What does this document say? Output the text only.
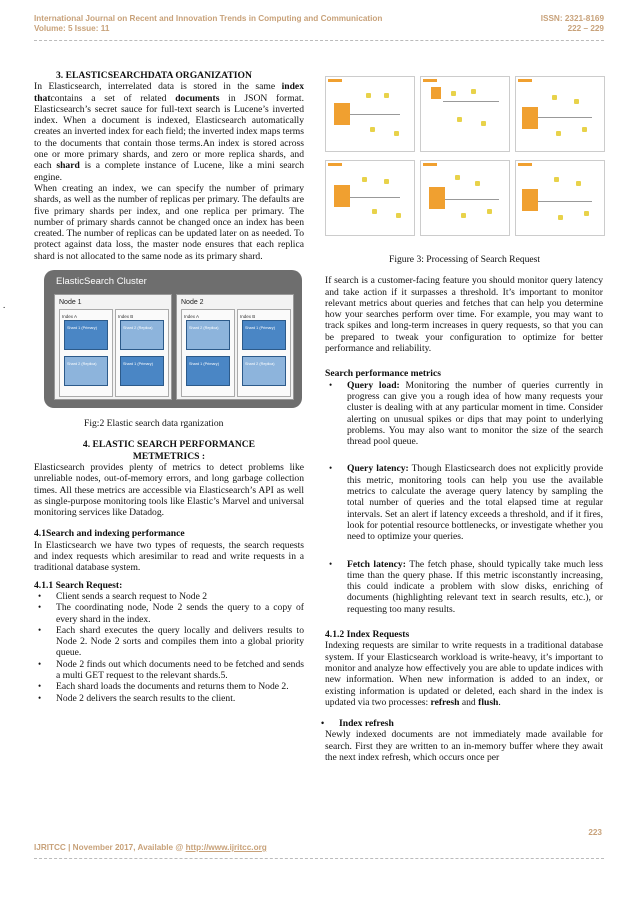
International Journal on Recent and Innovation Trends in Computing and Communication
Volume: 5 Issue: 11
ISSN: 2321-8169
222 – 229
.

3. ELASTICSEARCHDATA ORGANIZATION

In Elasticsearch, interrelated data is stored in the same index thatcontains a set of related documents in JSON format. Elasticsearch’s secret sauce for full-text search is Lucene’s inverted index. When a document is indexed, Elasticsearch automatically creates an inverted index for each field; the inverted index maps terms to the documents that contain those terms.An index is stored across one or more primary shards, and zero or more replica shards, and each shard is a complete instance of Lucene, like a mini search engine.

When creating an index, we can specify the number of primary shards, as well as the number of replicas per primary. The defaults are five primary shards per index, and one replica per primary. The number of primary shards cannot be changed once an index has been created. The number of replicas can be updated later on as needed. To protect against data loss, the master node ensures that each replica shard is not allocated to the same node as its primary shard.

ElasticSearch Cluster
Node 1
Index A
Shard 1 (Primary)
Shard 2 (Replica)
Index B
Shard 2 (Replica)
Shard 1 (Primary)
Node 2
Index A
Shard 2 (Replica)
Shard 1 (Primary)
Index B
Shard 1 (Primary)
Shard 2 (Replica)

Fig:2 Elastic search data rganization

4. ELASTIC SEARCH PERFORMANCE

METMETRICS :

Elasticsearch provides plenty of metrics to detect problems like unreliable nodes, out-of-memory errors, and long garbage collection times. All these metrics are accessible via Elasticsearch’s API as well as single-purpose monitoring tools like Elastic’s Marvel and universal monitoring services like Datadog.

4.1Search and indexing performance

In Elasticsearch we have two types of requests, the search requests and index requests which aresimilar to read and write requests in a traditional database system.

4.1.1 Search Request:

• Client sends a search request to Node 2
• The coordinating node, Node 2 sends the query to a copy of every shard in the index.
• Each shard executes the query locally and delivers results to Node 2. Node 2 sorts and compiles them into a global priority queue.
• Node 2 finds out which documents need to be fetched and sends a multi GET request to the relevant shards.5.
• Each shard loads the documents and returns them to Node 2.
• Node 2 delivers the search results to the client.

Figure 3: Processing of Search Request

If search is a customer-facing feature you should monitor query latency and take action if it surpasses a threshold. It’s important to monitor relevant metrics about queries and fetches that can help you determine how your searches perform over time. For example, you may want to track spikes and long-term increases in query requests, so that you can be prepared to tweak your configuration to optimize for better performance and reliability.

Search performance metrics

• Query load: Monitoring the number of queries currently in progress can give you a rough idea of how many requests your cluster is dealing with at any particular moment in time. Consider alerting on unusual spikes or dips that may point to underlying problems. You may also want to monitor the size of the search thread pool queue.
• Query latency: Though Elasticsearch does not explicitly provide this metric, monitoring tools can help you use the available metrics to calculate the average query latency by sampling the total number of queries and the total elapsed time at regular intervals. Set an alert if latency exceeds a threshold, and if it fires, look for potential resource bottlenecks, or investigate whether you need to optimize your queries.
• Fetch latency: The fetch phase, should typically take much less time than the query phase. If this metric isconstantly increasing, this could indicate a problem with slow disks, enriching of documents (highlighting relevant text in search results, etc.), or requesting too many results.

4.1.2 Index Requests

Indexing requests are similar to write requests in a traditional database system. If your Elasticsearch workload is write-heavy, it’s important to monitor and analyze how effectively you are able to update indices with new information. When new information is added to an index, or existing information is updated or deleted, each shard in the index is updated via two processes: refresh and flush.

• Index refresh

Newly indexed documents are not immediately made available for search. First they are written to an in-memory buffer where they await the next index refresh, which occurs once per

223
IJRITCC | November 2017, Available @ http://www.ijritcc.org
